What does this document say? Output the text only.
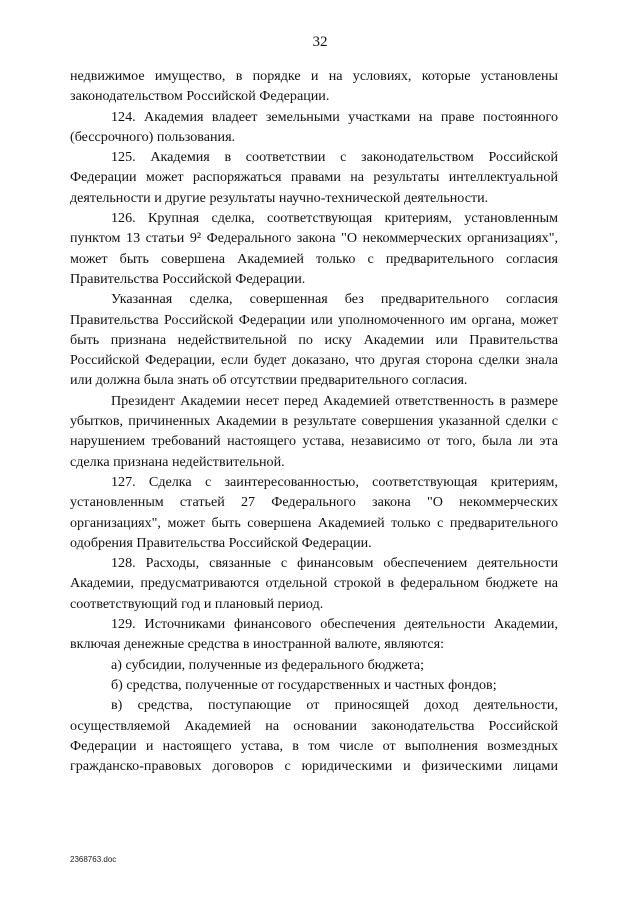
32

недвижимое имущество, в порядке и на условиях, которые установлены законодательством Российской Федерации.

124. Академия владеет земельными участками на праве постоянного (бессрочного) пользования.

125. Академия в соответствии с законодательством Российской Федерации может распоряжаться правами на результаты интеллектуальной деятельности и другие результаты научно-технической деятельности.

126. Крупная сделка, соответствующая критериям, установленным пунктом 13 статьи 9² Федерального закона "О некоммерческих организациях", может быть совершена Академией только с предварительного согласия Правительства Российской Федерации.

Указанная сделка, совершенная без предварительного согласия Правительства Российской Федерации или уполномоченного им органа, может быть признана недействительной по иску Академии или Правительства Российской Федерации, если будет доказано, что другая сторона сделки знала или должна была знать об отсутствии предварительного согласия.

Президент Академии несет перед Академией ответственность в размере убытков, причиненных Академии в результате совершения указанной сделки с нарушением требований настоящего устава, независимо от того, была ли эта сделка признана недействительной.

127. Сделка с заинтересованностью, соответствующая критериям, установленным статьей 27 Федерального закона "О некоммерческих организациях", может быть совершена Академией только с предварительного одобрения Правительства Российской Федерации.

128. Расходы, связанные с финансовым обеспечением деятельности Академии, предусматриваются отдельной строкой в федеральном бюджете на соответствующий год и плановый период.

129. Источниками финансового обеспечения деятельности Академии, включая денежные средства в иностранной валюте, являются:

а) субсидии, полученные из федерального бюджета;

б) средства, полученные от государственных и частных фондов;

в) средства, поступающие от приносящей доход деятельности, осуществляемой Академией на основании законодательства Российской Федерации и настоящего устава, в том числе от выполнения возмездных гражданско-правовых договоров с юридическими и физическими лицами

2368763.doc
